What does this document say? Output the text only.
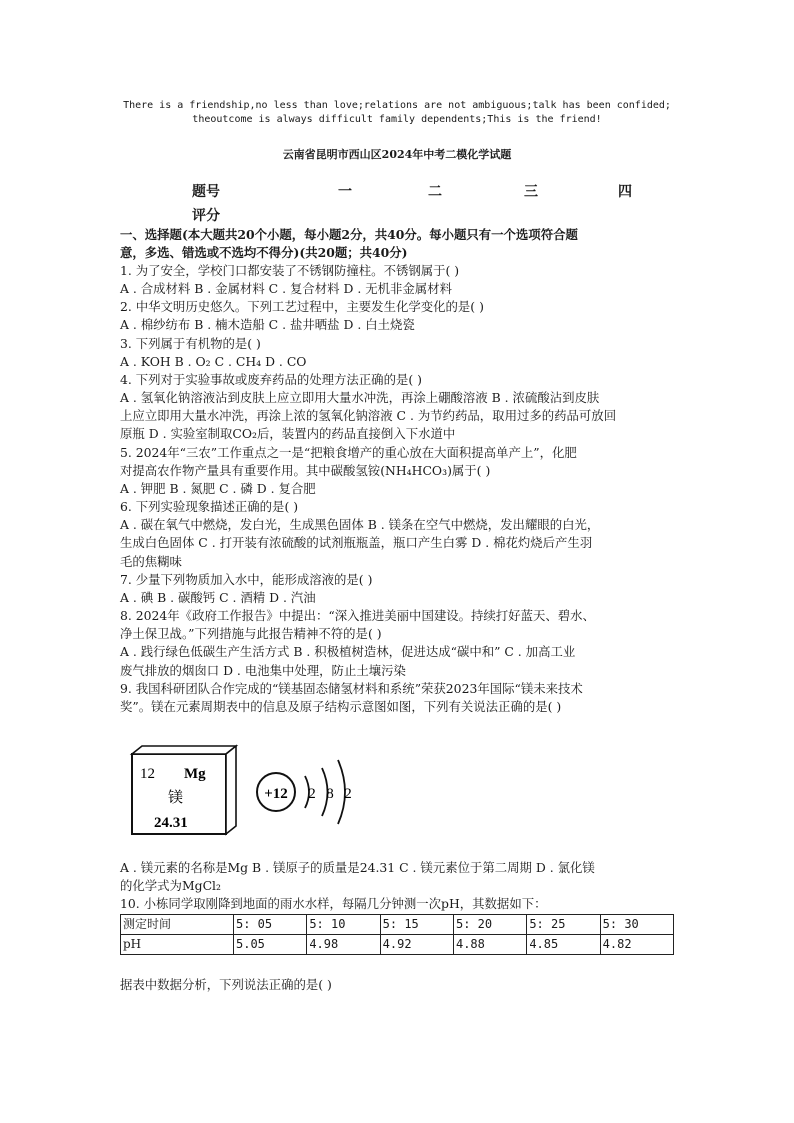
There is a friendship,no less than love;relations are not ambiguous;talk has been confided;
theoutcome is always difficult family dependents;This is the friend!
云南省昆明市西山区2024年中考二模化学试题
题号	一	二	三	四
评分
一、选择题(本大题共20个小题，每小题2分，共40分。每小题只有一个选项符合题
意，多选、错选或不选均不得分)(共20题；共40分)
1. 为了安全，学校门口都安装了不锈钢防撞柱。不锈钢属于( )
A . 合成材料 B . 金属材料 C . 复合材料 D . 无机非金属材料
2. 中华文明历史悠久。下列工艺过程中，主要发生化学变化的是( )
A . 棉纱纺布 B . 楠木造船 C . 盐井晒盐 D . 白土烧瓷
3. 下列属于有机物的是( )
A . KOH B . O₂ C . CH₄ D . CO
4. 下列对于实验事故或废弃药品的处理方法正确的是( )
A . 氢氧化钠溶液沾到皮肤上应立即用大量水冲洗，再涂上硼酸溶液 B . 浓硫酸沾到皮肤
上应立即用大量水冲洗，再涂上浓的氢氧化钠溶液 C . 为节约药品，取用过多的药品可放回
原瓶 D . 实验室制取CO₂后，装置内的药品直接倒入下水道中
5. 2024年“三农”工作重点之一是“把粮食增产的重心放在大面积提高单产上”，化肥
对提高农作物产量具有重要作用。其中碳酸氢铵(NH₄HCO₃)属于( )
A . 钾肥 B . 氮肥 C . 磷 D . 复合肥
6. 下列实验现象描述正确的是( )
A . 碳在氧气中燃烧，发白光，生成黑色固体 B . 镁条在空气中燃烧，发出耀眼的白光，
生成白色固体 C . 打开装有浓硫酸的试剂瓶瓶盖，瓶口产生白雾 D . 棉花灼烧后产生羽
毛的焦糊味
7. 少量下列物质加入水中，能形成溶液的是( )
A . 碘 B . 碳酸钙 C . 酒精 D . 汽油
8. 2024年《政府工作报告》中提出：“深入推进美丽中国建设。持续打好蓝天、碧水、
净土保卫战。”下列措施与此报告精神不符的是( )
A . 践行绿色低碳生产生活方式 B . 积极植树造林，促进达成“碳中和” C . 加高工业
废气排放的烟囱口 D . 电池集中处理，防止土壤污染
9. 我国科研团队合作完成的“镁基固态储氢材料和系统”荣获2023年国际“镁未来技术
奖”。镁在元素周期表中的信息及原子结构示意图如图，下列有关说法正确的是( )
12 Mg
镁
24.31
+12 2 8 2
A . 镁元素的名称是Mg B . 镁原子的质量是24.31 C . 镁元素位于第二周期 D . 氯化镁
的化学式为MgCl₂
10. 小栋同学取刚降到地面的雨水水样，每隔几分钟测一次pH，其数据如下：
测定时间	5: 05	5: 10	5: 15	5: 20	5: 25	5: 30
pH	5.05	4.98	4.92	4.88	4.85	4.82
据表中数据分析，下列说法正确的是( )
